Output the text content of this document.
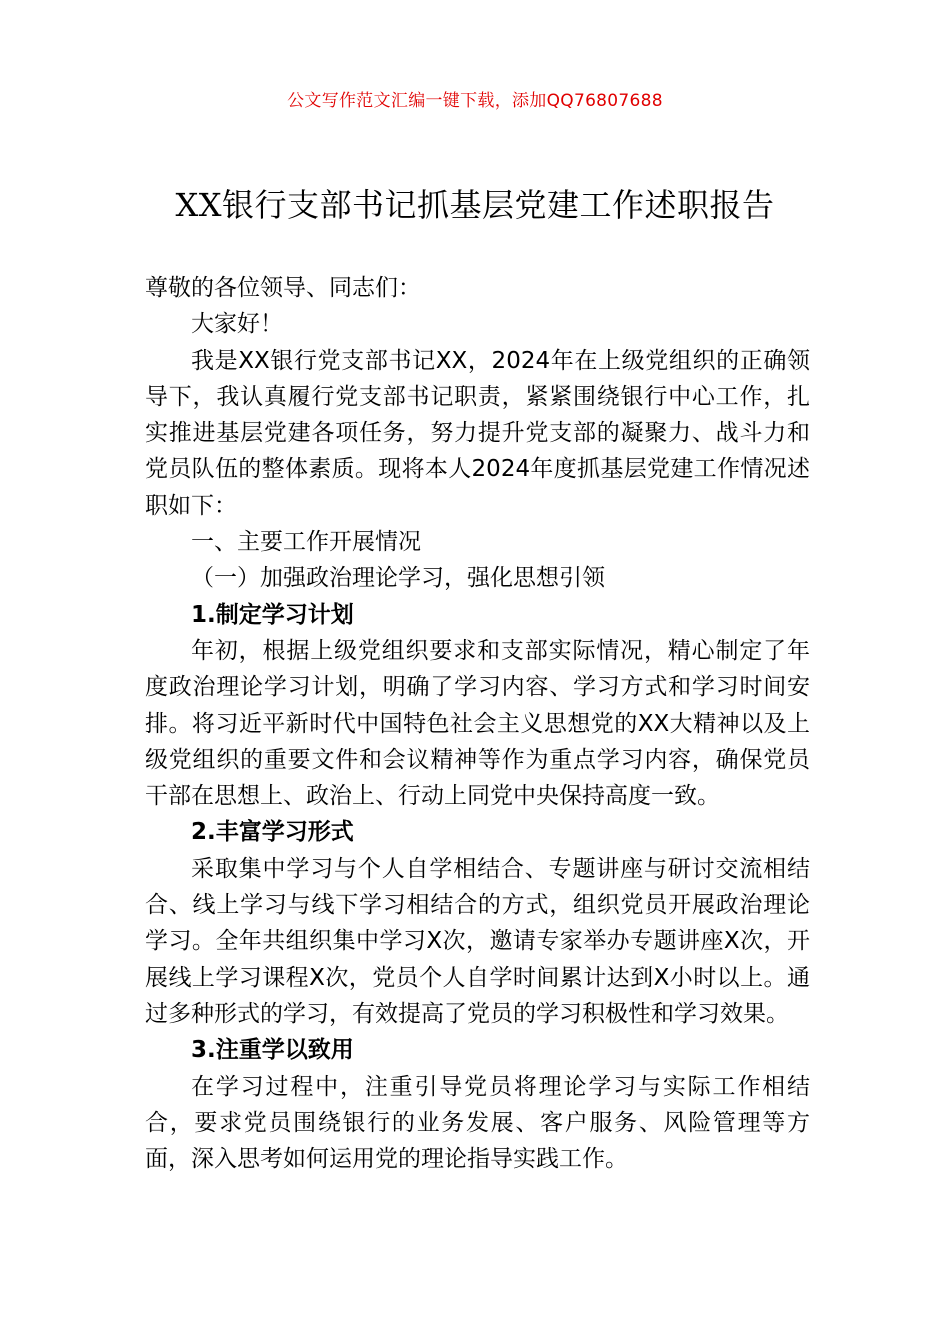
公文写作范文汇编一键下载，添加QQ76807688
XX银行支部书记抓基层党建工作述职报告

尊敬的各位领导、同志们：

大家好！

我是XX银行党支部书记XX，2024年在上级党组织的正确领导下，我认真履行党支部书记职责，紧紧围绕银行中心工作，扎实推进基层党建各项任务，努力提升党支部的凝聚力、战斗力和党员队伍的整体素质。现将本人2024年度抓基层党建工作情况述职如下：

一、主要工作开展情况

（一）加强政治理论学习，强化思想引领

1.制定学习计划

年初，根据上级党组织要求和支部实际情况，精心制定了年度政治理论学习计划，明确了学习内容、学习方式和学习时间安排。将习近平新时代中国特色社会主义思想党的XX大精神以及上级党组织的重要文件和会议精神等作为重点学习内容，确保党员干部在思想上、政治上、行动上同党中央保持高度一致。

2.丰富学习形式

采取集中学习与个人自学相结合、专题讲座与研讨交流相结合、线上学习与线下学习相结合的方式，组织党员开展政治理论学习。全年共组织集中学习X次，邀请专家举办专题讲座X次，开展线上学习课程X次，党员个人自学时间累计达到X小时以上。通过多种形式的学习，有效提高了党员的学习积极性和学习效果。

3.注重学以致用

在学习过程中，注重引导党员将理论学习与实际工作相结合，要求党员围绕银行的业务发展、客户服务、风险管理等方面，深入思考如何运用党的理论指导实践工作。
